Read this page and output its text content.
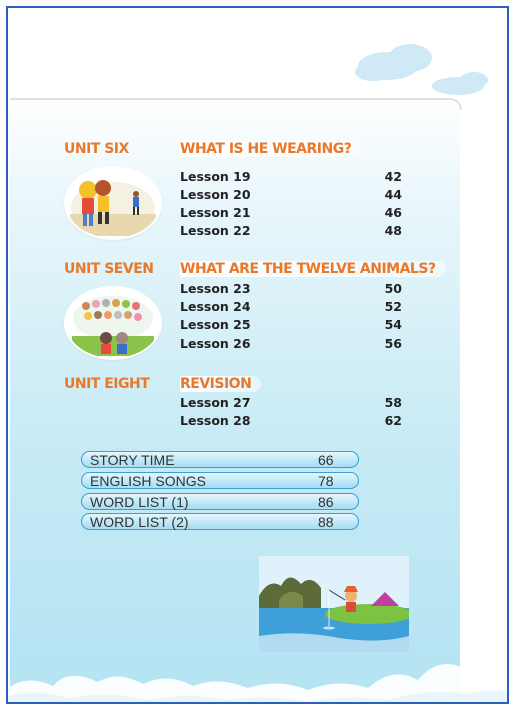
UNIT SIX	WHAT IS HE WEARING?
Lesson 19	42
Lesson 20	44
Lesson 21	46
Lesson 22	48
UNIT SEVEN WHAT ARE THE TWELVE ANIMALS?
Lesson 23	50
Lesson 24	52
Lesson 25	54
Lesson 26	56
UNIT EIGHT REVISION
Lesson 27	58
Lesson 28	62
STORY TIME	66
ENGLISH SONGS	78
WORD LIST (1)	86
WORD LIST (2)	88
